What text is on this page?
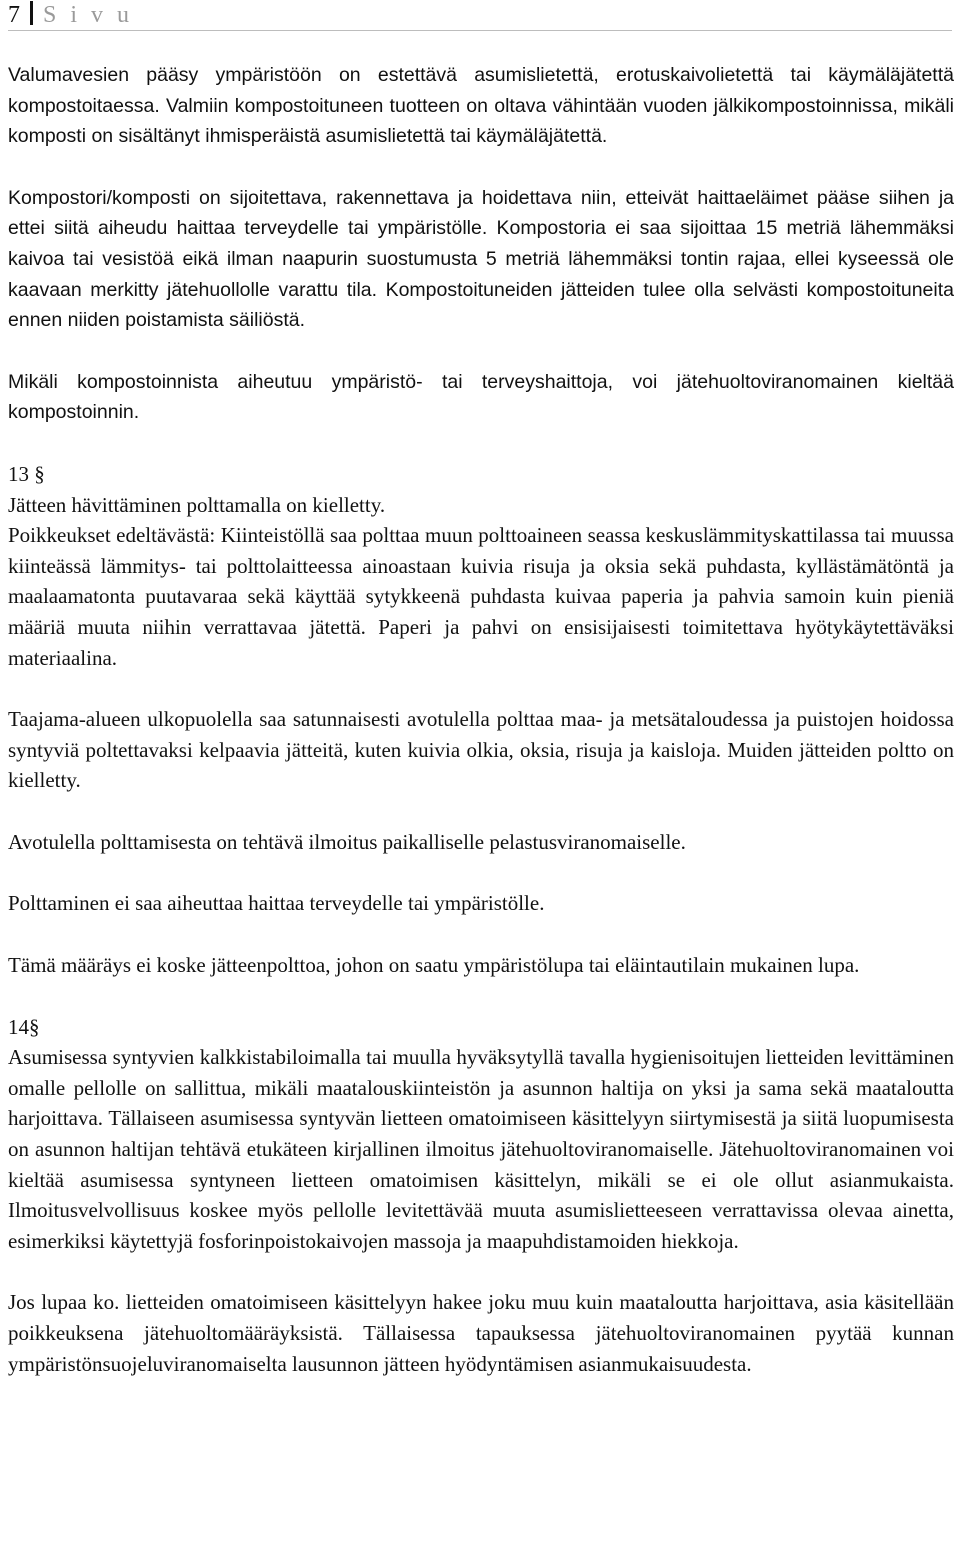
7 S i v u

Valumavesien pääsy ympäristöön on estettävä asumislietettä, erotuskaivolietettä tai käymäläjätettä kompostoitaessa. Valmiin kompostoituneen tuotteen on oltava vähintään vuoden jälkikompostoinnissa, mikäli komposti on sisältänyt ihmisperäistä asumislietettä tai käymäläjätettä.

Kompostori/komposti on sijoitettava, rakennettava ja hoidettava niin, etteivät haittaeläimet pääse siihen ja ettei siitä aiheudu haittaa terveydelle tai ympäristölle. Kompostoria ei saa sijoittaa 15 metriä lähemmäksi kaivoa tai vesistöä eikä ilman naapurin suostumusta 5 metriä lähemmäksi tontin rajaa, ellei kyseessä ole kaavaan merkitty jätehuollolle varattu tila. Kompostoituneiden jätteiden tulee olla selvästi kompostoituneita ennen niiden poistamista säiliöstä.

Mikäli kompostoinnista aiheutuu ympäristö- tai terveyshaittoja, voi jätehuoltoviranomainen kieltää kompostoinnin.

13 §

Jätteen hävittäminen polttamalla on kielletty.

Poikkeukset edeltävästä: Kiinteistöllä saa polttaa muun polttoaineen seassa keskuslämmityskattilassa tai muussa kiinteässä lämmitys- tai polttolaitteessa ainoastaan kuivia risuja ja oksia sekä puhdasta, kyllästämätöntä ja maalaamatonta puutavaraa sekä käyttää sytykkeenä puhdasta kuivaa paperia ja pahvia samoin kuin pieniä määriä muuta niihin verrattavaa jätettä. Paperi ja pahvi on ensisijaisesti toimitettava hyötykäytettäväksi materiaalina.

Taajama-alueen ulkopuolella saa satunnaisesti avotulella polttaa maa- ja metsätaloudessa ja puistojen hoidossa syntyviä poltettavaksi kelpaavia jätteitä, kuten kuivia olkia, oksia, risuja ja kaisloja. Muiden jätteiden poltto on kielletty.

Avotulella polttamisesta on tehtävä ilmoitus paikalliselle pelastusviranomaiselle.

Polttaminen ei saa aiheuttaa haittaa terveydelle tai ympäristölle.

Tämä määräys ei koske jätteenpolttoa, johon on saatu ympäristölupa tai eläintautilain mukainen lupa.

14§

Asumisessa syntyvien kalkkistabiloimalla tai muulla hyväksytyllä tavalla hygienisoitujen lietteiden levittäminen omalle pellolle on sallittua, mikäli maatalouskiinteistön ja asunnon haltija on yksi ja sama sekä maataloutta harjoittava. Tällaiseen asumisessa syntyvän lietteen omatoimiseen käsittelyyn siirtymisestä ja siitä luopumisesta on asunnon haltijan tehtävä etukäteen kirjallinen ilmoitus jätehuoltoviranomaiselle. Jätehuoltoviranomainen voi kieltää asumisessa syntyneen lietteen omatoimisen käsittelyn, mikäli se ei ole ollut asianmukaista. Ilmoitusvelvollisuus koskee myös pellolle levitettävää muuta asumislietteeseen verrattavissa olevaa ainetta, esimerkiksi käytettyjä fosforinpoistokaivojen massoja ja maapuhdistamoiden hiekkoja.

Jos lupaa ko. lietteiden omatoimiseen käsittelyyn hakee joku muu kuin maataloutta harjoittava, asia käsitellään poikkeuksena jätehuoltomääräyksistä. Tällaisessa tapauksessa jätehuoltoviranomainen pyytää kunnan ympäristönsuojeluviranomaiselta lausunnon jätteen hyödyntämisen asianmukaisuudesta.
